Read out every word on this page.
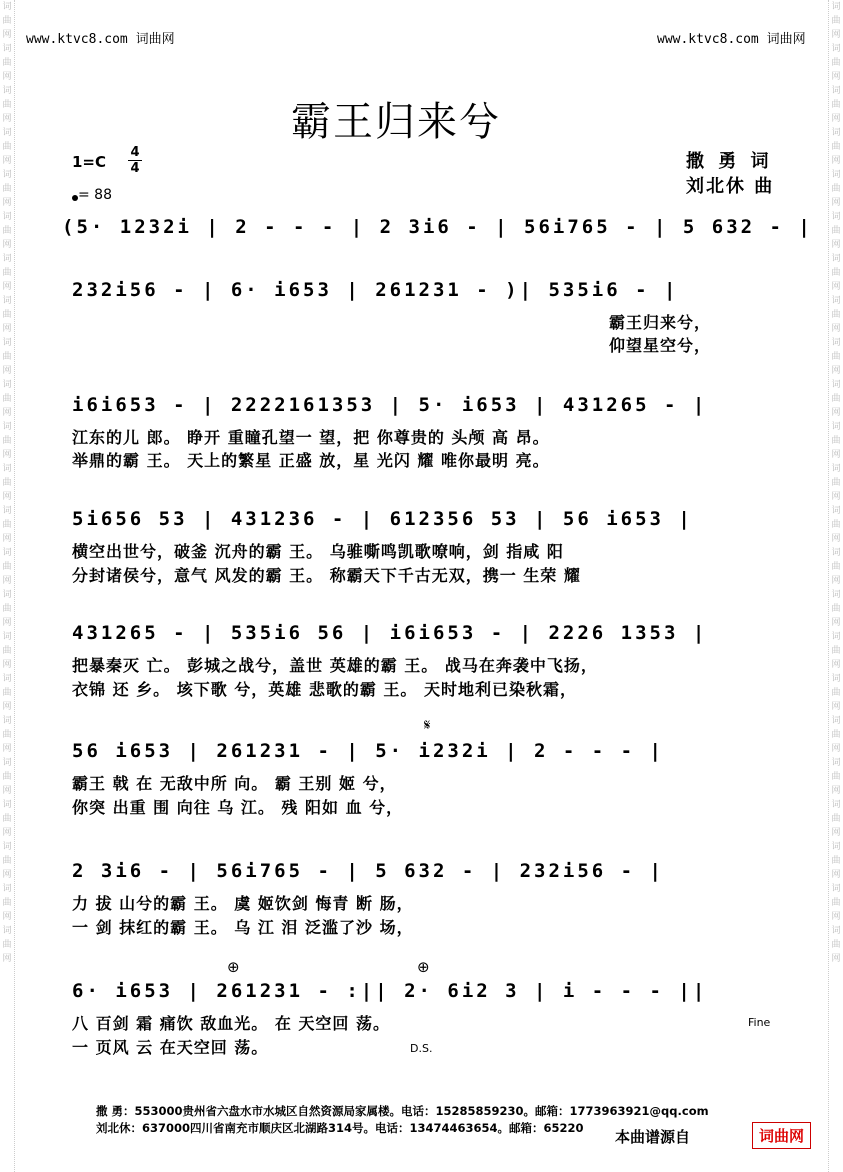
词曲网词曲网词曲网词曲网词曲网词曲网词曲网词曲网词曲网词曲网词曲网词曲网词曲网词曲网词曲网词曲网词曲网词曲网词曲网词曲网词曲网词曲网词曲网
词曲网词曲网词曲网词曲网词曲网词曲网词曲网词曲网词曲网词曲网词曲网词曲网词曲网词曲网词曲网词曲网词曲网词曲网词曲网词曲网词曲网词曲网词曲网
www.ktvc8.com 词曲网	www.ktvc8.com 词曲网
霸王归来兮
1=C
4
4
= 88
撒 勇 词
刘北休 曲
(5· 1232i | 2 - - - | 2 3i6 - | 56i765 - | 5 632 - |
232i56 - | 6· i653 | 261231 - )| 535i6 - |
霸王归来兮，
仰望星空兮，
i6i653 - | 2222161353 | 5· i653 | 431265 - |
江东的儿 郎。 睁开 重瞳孔望一 望，把 你尊贵的 头颅 高 昂。
举鼎的霸 王。 天上的繁星 正盛 放，星 光闪 耀 唯你最明 亮。
5i656 53 | 431236 - | 612356 53 | 56 i653 |
横空出世兮，破釜 沉舟的霸 王。 乌骓嘶鸣凯歌嘹响，剑 指咸 阳
分封诸侯兮，意气 风发的霸 王。 称霸天下千古无双，携一 生荣 耀
431265 - | 535i6 56 | i6i653 - | 2226 1353 |
把暴秦灭 亡。 彭城之战兮，盖世 英雄的霸 王。 战马在奔袭中飞扬，
衣锦 还 乡。 垓下歌 兮，英雄 悲歌的霸 王。 天时地利已染秋霜，
𝄋
56 i653 | 261231 - | 5· i232i | 2 - - - |
霸王 戟 在 无敌中所 向。 霸 王别 姬 兮，
你突 出重 围 向往 乌 江。 残 阳如 血 兮，
2 3i6 - | 56i765 - | 5 632 - | 232i56 - |
力 拔 山兮的霸 王。 虞 姬饮剑 悔青 断 肠，
一 剑 抹红的霸 王。 乌 江 泪 泛滥了沙 场，
⊕	⊕
6· i653 | 261231 - :|| 2· 6i2 3 | i - - - ||
八 百剑 霜 痛饮 敌血光。 在 天空回 荡。
一 页风 云 在天空回 荡。
Fine
D.S.
撒 勇：553000贵州省六盘水市水城区自然资源局家属楼。电话：15285859230。邮箱：1773963921@qq.com
刘北休：637000四川省南充市顺庆区北湖路314号。电话：13474463654。邮箱：65220 本曲谱源自	词曲网
